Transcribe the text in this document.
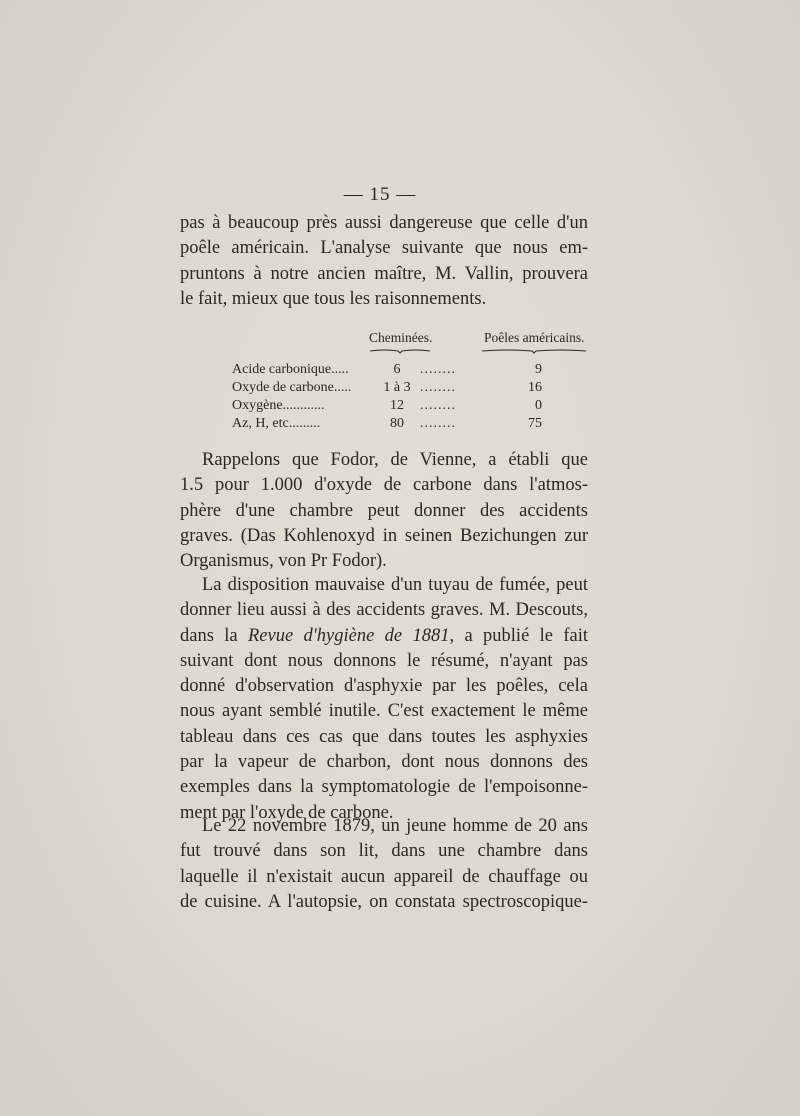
— 15 —

pas à beaucoup près aussi dangereuse que celle d'un
poêle américain. L'analyse suivante que nous em-
pruntons à notre ancien maître, M. Vallin, prouvera
le fait, mieux que tous les raisonnements.

Cheminées.	Poêles américains.
Acide carbonique.....	6	........	9
Oxyde de carbone..... 1 à 3 ........	16
Oxygène............	12	........	0
Az, H, etc.........	80	........	75

Rappelons que Fodor, de Vienne, a établi que
1.5 pour 1.000 d'oxyde de carbone dans l'atmos-
phère d'une chambre peut donner des accidents
graves. (Das Kohlenoxyd in seinen Bezichungen zur
Organismus, von Pr Fodor).

La disposition mauvaise d'un tuyau de fumée, peut
donner lieu aussi à des accidents graves. M. Descouts,
dans la Revue d'hygiène de 1881, a publié le fait
suivant dont nous donnons le résumé, n'ayant pas
donné d'observation d'asphyxie par les poêles, cela
nous ayant semblé inutile. C'est exactement le même
tableau dans ces cas que dans toutes les asphyxies
par la vapeur de charbon, dont nous donnons des
exemples dans la symptomatologie de l'empoisonne-
ment par l'oxyde de carbone.

Le 22 novembre 1879, un jeune homme de 20 ans
fut trouvé dans son lit, dans une chambre dans
laquelle il n'existait aucun appareil de chauffage ou
de cuisine. A l'autopsie, on constata spectroscopique-
